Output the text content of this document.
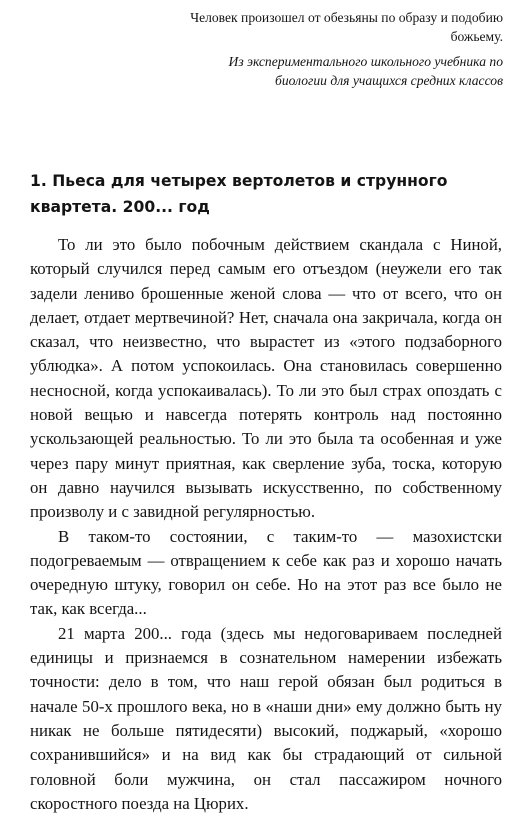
Человек произошел от обезьяны по образу и подобию божьему.

Из экспериментального школьного учебника по биологии для учащихся средних классов

1. Пьеса для четырех вертолетов и струнного квартета. 200... год

То ли это было побочным действием скандала с Ниной, который случился перед самым его отъездом (неужели его так задели лениво брошенные женой слова — что от всего, что он делает, отдает мертвечиной? Нет, сначала она закричала, когда он сказал, что неизвестно, что вырастет из «этого подзаборного ублюдка». А потом успокоилась. Она становилась совершенно несносной, когда успокаивалась). То ли это был страх опоздать с новой вещью и навсегда потерять контроль над постоянно ускользающей реальностью. То ли это была та особенная и уже через пару минут приятная, как сверление зуба, тоска, которую он давно научился вызывать искусственно, по собственному произволу и с завидной регулярностью.

В таком-то состоянии, с таким-то — мазохистски подогреваемым — отвращением к себе как раз и хорошо начать очередную штуку, говорил он себе. Но на этот раз все было не так, как всегда...

21 марта 200... года (здесь мы недоговариваем последней единицы и признаемся в сознательном намерении избежать точности: дело в том, что наш герой обязан был родиться в начале 50-х прошлого века, но в «наши дни» ему должно быть ну никак не больше пятидесяти) высокий, поджарый, «хорошо сохранившийся» и на вид как бы страдающий от сильной головной боли мужчина, он стал пассажиром ночного скоростного поезда на Цюрих.
